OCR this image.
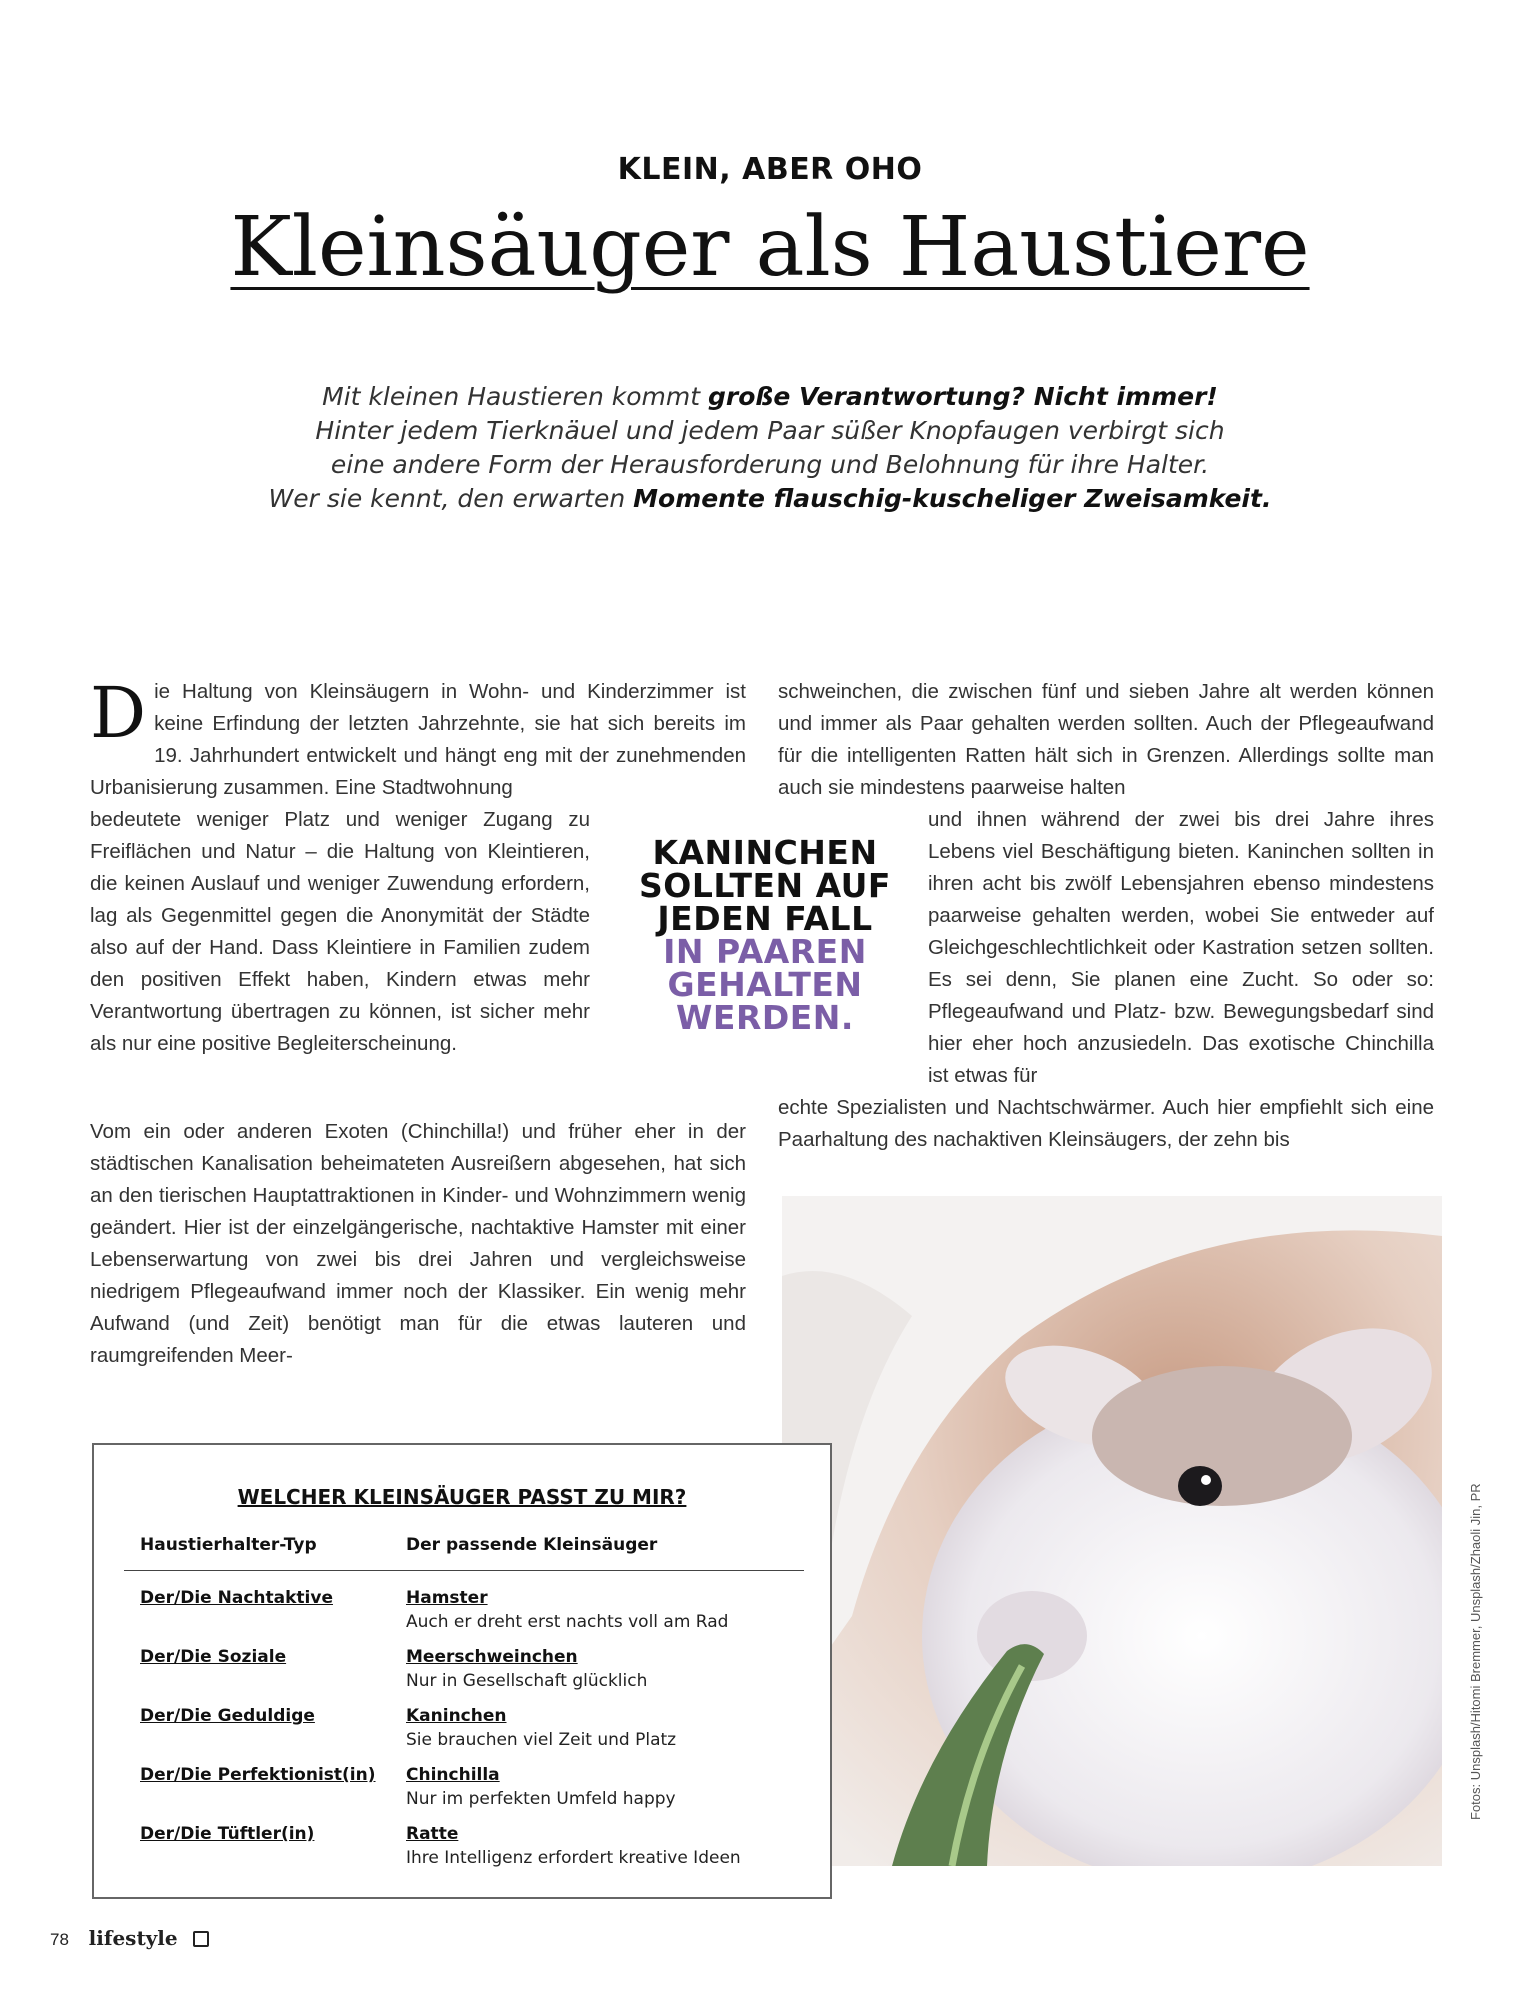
KLEIN, ABER OHO
Kleinsäuger als Haustiere
Mit kleinen Haustieren kommt große Verantwortung? Nicht immer!
Hinter jedem Tierknäuel und jedem Paar süßer Knopfaugen verbirgt sich
eine andere Form der Herausforderung und Belohnung für ihre Halter.
Wer sie kennt, den erwarten Momente flauschig-kuscheliger Zweisamkeit.
Die Haltung von Kleinsäugern in Wohn- und Kinderzimmer ist keine Erfindung der letzten Jahrzehnte, sie hat sich bereits im 19. Jahrhundert entwickelt und hängt eng mit der zunehmenden Urbanisierung zusammen. Eine Stadtwohnung
bedeutete weniger Platz und weniger Zugang zu Freiflächen und Natur – die Haltung von Kleintieren, die keinen Auslauf und weniger Zuwendung erfordern, lag als Gegenmittel gegen die Anonymität der Städte also auf der Hand. Dass Kleintiere in Familien zudem den positiven Effekt haben, Kindern etwas mehr Verantwortung übertragen zu können, ist sicher mehr als nur eine positive Begleiterscheinung.
Vom ein oder anderen Exoten (Chinchilla!) und früher eher in der städtischen Kanalisation beheimateten Ausreißern abgesehen, hat sich an den tierischen Hauptattraktionen in Kinder- und Wohnzimmern wenig geändert. Hier ist der einzelgängerische, nachtaktive Hamster mit einer Lebenserwartung von zwei bis drei Jahren und vergleichsweise niedrigem Pflegeaufwand immer noch der Klassiker. Ein wenig mehr Aufwand (und Zeit) benötigt man für die etwas lauteren und raumgreifenden Meer-
schweinchen, die zwischen fünf und sieben Jahre alt werden können und immer als Paar gehalten werden sollten. Auch der Pflegeaufwand für die intelligenten Ratten hält sich in Grenzen. Allerdings sollte man auch sie mindestens paarweise halten
und ihnen während der zwei bis drei Jahre ihres Lebens viel Beschäftigung bieten. Kaninchen sollten in ihren acht bis zwölf Lebensjahren ebenso mindestens paarweise gehalten werden, wobei Sie entweder auf Gleichgeschlechtlichkeit oder Kastration setzen sollten. Es sei denn, Sie planen eine Zucht. So oder so: Pflegeaufwand und Platz- bzw. Bewegungsbedarf sind hier eher hoch anzusiedeln. Das exotische Chinchilla ist etwas für
echte Spezialisten und Nachtschwärmer. Auch hier empfiehlt sich eine Paarhaltung des nachaktiven Kleinsäugers, der zehn bis
KANINCHEN
SOLLTEN AUF
JEDEN FALL
IN PAAREN
GEHALTEN
WERDEN.
Fotos: Unsplash/Hitomi Bremmer, Unsplash/Zhaoli Jin, PR
WELCHER KLEINSÄUGER PASST ZU MIR?
Haustierhalter-Typ	Der passende Kleinsäuger
Der/Die Nachtaktive	Hamster
Auch er dreht erst nachts voll am Rad
Der/Die Soziale	Meerschweinchen
Nur in Gesellschaft glücklich
Der/Die Geduldige	Kaninchen
Sie brauchen viel Zeit und Platz
Der/Die Perfektionist(in) Chinchilla
Nur im perfekten Umfeld happy
Der/Die Tüftler(in)	Ratte
Ihre Intelligenz erfordert kreative Ideen
78 lifestyle
